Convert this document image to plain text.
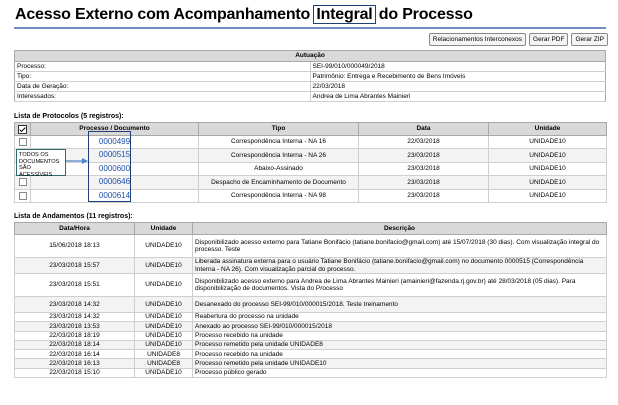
Acesso Externo com Acompanhamento Integral do Processo
Relacionamentos Interconexos	Gerar PDF	Gerar ZIP
Autuação	
Processo:	SEI-99/010/000049/2018
Tipo:	Patrimônio: Entrega e Recebimento de Bens Imóveis
Data de Geração:	22/03/2018
Interessados:	Andrea de Lima Abrantes Mainieri
Lista de Protocolos (5 registros):
	Processo / Documento	Tipo	Data	Unidade
	0000499	Correspondência Interna - NA 16	22/03/2018	UNIDADE10
	0000515	Correspondência Interna - NA 26	23/03/2018	UNIDADE10
	0000600	Abaixo-Assinado	23/03/2018	UNIDADE10
	0000646	Despacho de Encaminhamento de Documento	23/03/2018	UNIDADE10
	0000614	Correspondência Interna - NA 98	23/03/2018	UNIDADE10
TODOS OS DOCUMENTOS SÃO ACESSÍVEIS
Lista de Andamentos (11 registros):
Data/Hora	Unidade	Descrição
15/06/2018 18:13	UNIDADE10	Disponibilizado acesso externo para Tatiane Bonifácio (tatiane.bonifacio@gmail.com) até 15/07/2018 (30 dias). Com visualização integral do processo. Teste
23/03/2018 15:57	UNIDADE10	Liberada assinatura externa para o usuário Tatiane Bonifácio (tatiane.bonifacio@gmail.com) no documento 0000515 (Correspondência Interna - NA 26). Com visualização parcial do processo.
23/03/2018 15:51	UNIDADE10	Disponibilizado acesso externo para Andrea de Lima Abrantes Mainieri (amainieri@fazenda.rj.gov.br) até 28/03/2018 (05 dias). Para disponibilização de documentos. Vista do Processo
23/03/2018 14:32	UNIDADE10	Desanexado do processo SEI-99/010/000015/2018. Teste treinamento
23/03/2018 14:32	UNIDADE10	Reabertura do processo na unidade
23/03/2018 13:53	UNIDADE10	Anexado ao processo SEI-99/010/000015/2018
22/03/2018 18:19	UNIDADE10	Processo recebido na unidade
22/03/2018 18:14	UNIDADE10	Processo remetido pela unidade UNIDADE8
22/03/2018 16:14	UNIDADE8	Processo recebido na unidade
22/03/2018 16:13	UNIDADE8	Processo remetido pela unidade UNIDADE10
22/03/2018 15:10	UNIDADE10	Processo público gerado
